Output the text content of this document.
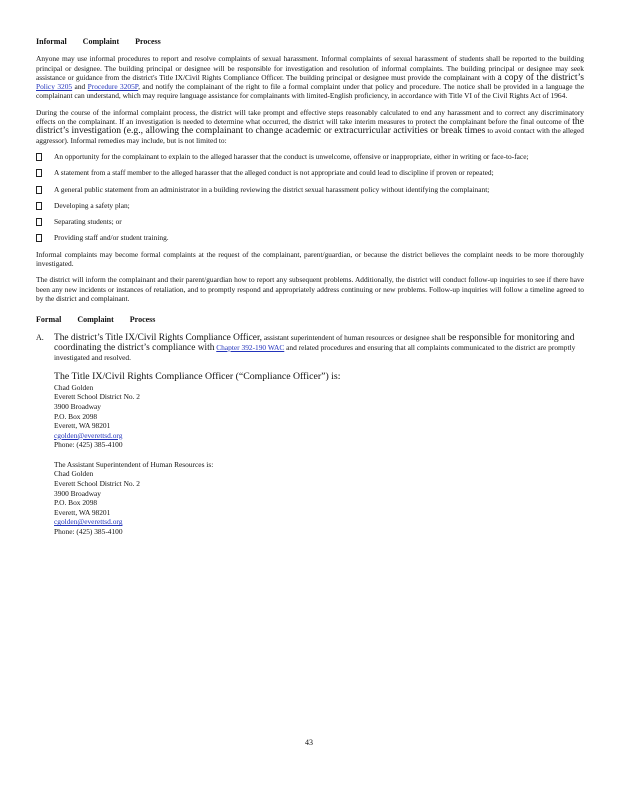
Informal Complaint Process

Anyone may use informal procedures to report and resolve complaints of sexual harassment. Informal complaints of sexual harassment of students shall be reported to the building principal or designee. The building principal or designee will be responsible for investigation and resolution of informal complaints. The building principal or designee may seek assistance or guidance from the district's Title IX/Civil Rights Compliance Officer. The building principal or designee must provide the complainant with a copy of the district’s Policy 3205 and Procedure 3205P, and notify the complainant of the right to file a formal complaint under that policy and procedure. The notice shall be provided in a language the complainant can understand, which may require language assistance for complainants with limited-English proficiency, in accordance with Title VI of the Civil Rights Act of 1964.

During the course of the informal complaint process, the district will take prompt and effective steps reasonably calculated to end any harassment and to correct any discriminatory effects on the complainant. If an investigation is needed to determine what occurred, the district will take interim measures to protect the complainant before the final outcome of the district’s investigation (e.g., allowing the complainant to change academic or extracurricular activities or break times to avoid contact with the alleged aggressor). Informal remedies may include, but is not limited to:

An opportunity for the complainant to explain to the alleged harasser that the conduct is unwelcome, offensive or inappropriate, either in writing or face-to-face;
A statement from a staff member to the alleged harasser that the alleged conduct is not appropriate and could lead to discipline if proven or repeated;
A general public statement from an administrator in a building reviewing the district sexual harassment policy without identifying the complainant;
Developing a safety plan;
Separating students; or
Providing staff and/or student training.

Informal complaints may become formal complaints at the request of the complainant, parent/guardian, or because the district believes the complaint needs to be more thoroughly investigated.

The district will inform the complainant and their parent/guardian how to report any subsequent problems. Additionally, the district will conduct follow-up inquiries to see if there have been any new incidents or instances of retaliation, and to promptly respond and appropriately address continuing or new problems. Follow-up inquiries will follow a timeline agreed to by the district and complainant.

Formal Complaint Process
A. The district’s Title IX/Civil Rights Compliance Officer, assistant superintendent of human resources or designee shall be responsible for monitoring and coordinating the district’s compliance with Chapter 392-190 WAC and related procedures and ensuring that all complaints communicated to the district are promptly investigated and resolved.
The Title IX/Civil Rights Compliance Officer (“Compliance Officer”) is:
Chad Golden
Everett School District No. 2
3900 Broadway
P.O. Box 2098
Everett, WA 98201
cgolden@everettsd.org
Phone: (425) 385-4100
The Assistant Superintendent of Human Resources is:
Chad Golden
Everett School District No. 2
3900 Broadway
P.O. Box 2098
Everett, WA 98201
cgolden@everettsd.org
Phone: (425) 385-4100
43
